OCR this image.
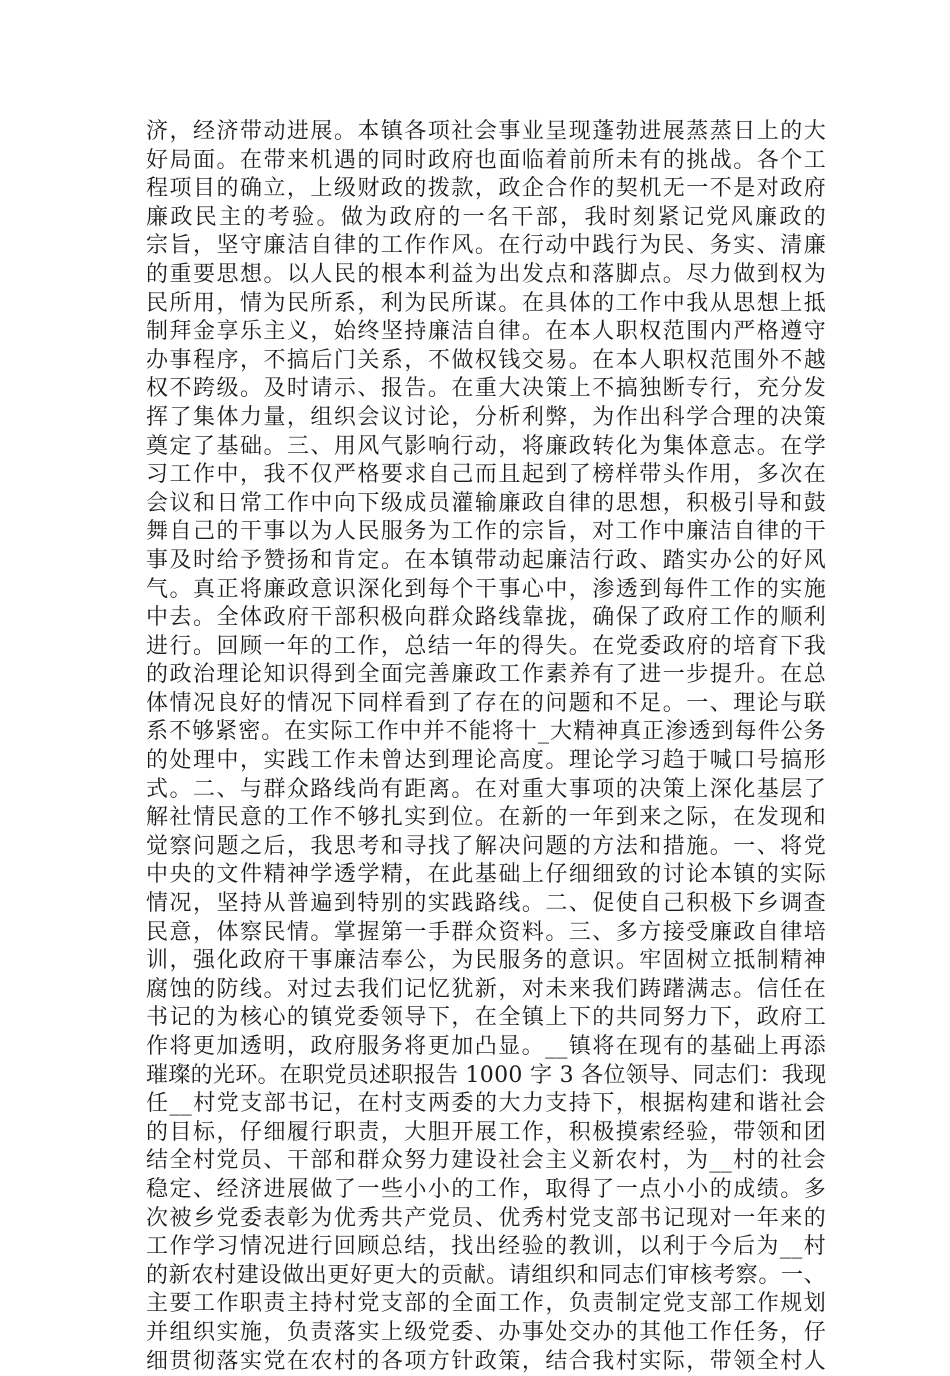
济，经济带动进展。本镇各项社会事业呈现蓬勃进展蒸蒸日上的大
好局面。在带来机遇的同时政府也面临着前所未有的挑战。各个工
程项目的确立，上级财政的拨款，政企合作的契机无一不是对政府
廉政民主的考验。做为政府的一名干部，我时刻紧记党风廉政的
宗旨，坚守廉洁自律的工作作风。在行动中践行为民、务实、清廉
的重要思想。以人民的根本利益为出发点和落脚点。尽力做到权为
民所用，情为民所系，利为民所谋。在具体的工作中我从思想上抵
制拜金享乐主义，始终坚持廉洁自律。在本人职权范围内严格遵守
办事程序，不搞后门关系，不做权钱交易。在本人职权范围外不越
权不跨级。及时请示、报告。在重大决策上不搞独断专行，充分发
挥了集体力量，组织会议讨论，分析利弊，为作出科学合理的决策
奠定了基础。三、用风气影响行动，将廉政转化为集体意志。在学
习工作中，我不仅严格要求自己而且起到了榜样带头作用，多次在
会议和日常工作中向下级成员灌输廉政自律的思想，积极引导和鼓
舞自己的干事以为人民服务为工作的宗旨，对工作中廉洁自律的干
事及时给予赞扬和肯定。在本镇带动起廉洁行政、踏实办公的好风
气。真正将廉政意识深化到每个干事心中，渗透到每件工作的实施
中去。全体政府干部积极向群众路线靠拢，确保了政府工作的顺利
进行。回顾一年的工作，总结一年的得失。在党委政府的培育下我
的政治理论知识得到全面完善廉政工作素养有了进一步提升。在总
体情况良好的情况下同样看到了存在的问题和不足。一、理论与联
系不够紧密。在实际工作中并不能将十_大精神真正渗透到每件公务
的处理中，实践工作未曾达到理论高度。理论学习趋于喊口号搞形
式。二、与群众路线尚有距离。在对重大事项的决策上深化基层了
解社情民意的工作不够扎实到位。在新的一年到来之际，在发现和
觉察问题之后，我思考和寻找了解决问题的方法和措施。一、将党
中央的文件精神学透学精，在此基础上仔细细致的讨论本镇的实际
情况，坚持从普遍到特别的实践路线。二、促使自己积极下乡调查
民意，体察民情。掌握第一手群众资料。三、多方接受廉政自律培
训，强化政府干事廉洁奉公，为民服务的意识。牢固树立抵制精神
腐蚀的防线。对过去我们记忆犹新，对未来我们踌躇满志。信任在
书记的为核心的镇党委领导下，在全镇上下的共同努力下，政府工
作将更加透明，政府服务将更加凸显。__镇将在现有的基础上再添
璀璨的光环。在职党员述职报告 1000 字 3 各位领导、同志们：我现
任__村党支部书记，在村支两委的大力支持下，根据构建和谐社会
的目标，仔细履行职责，大胆开展工作，积极摸索经验，带领和团
结全村党员、干部和群众努力建设社会主义新农村，为__村的社会
稳定、经济进展做了一些小小的工作，取得了一点小小的成绩。多
次被乡党委表彰为优秀共产党员、优秀村党支部书记现对一年来的
工作学习情况进行回顾总结，找出经验的教训，以利于今后为__村
的新农村建设做出更好更大的贡献。请组织和同志们审核考察。一、
主要工作职责主持村党支部的全面工作，负责制定党支部工作规划
并组织实施，负责落实上级党委、办事处交办的其他工作任务，仔
细贯彻落实党在农村的各项方针政策，结合我村实际，带领全村人
